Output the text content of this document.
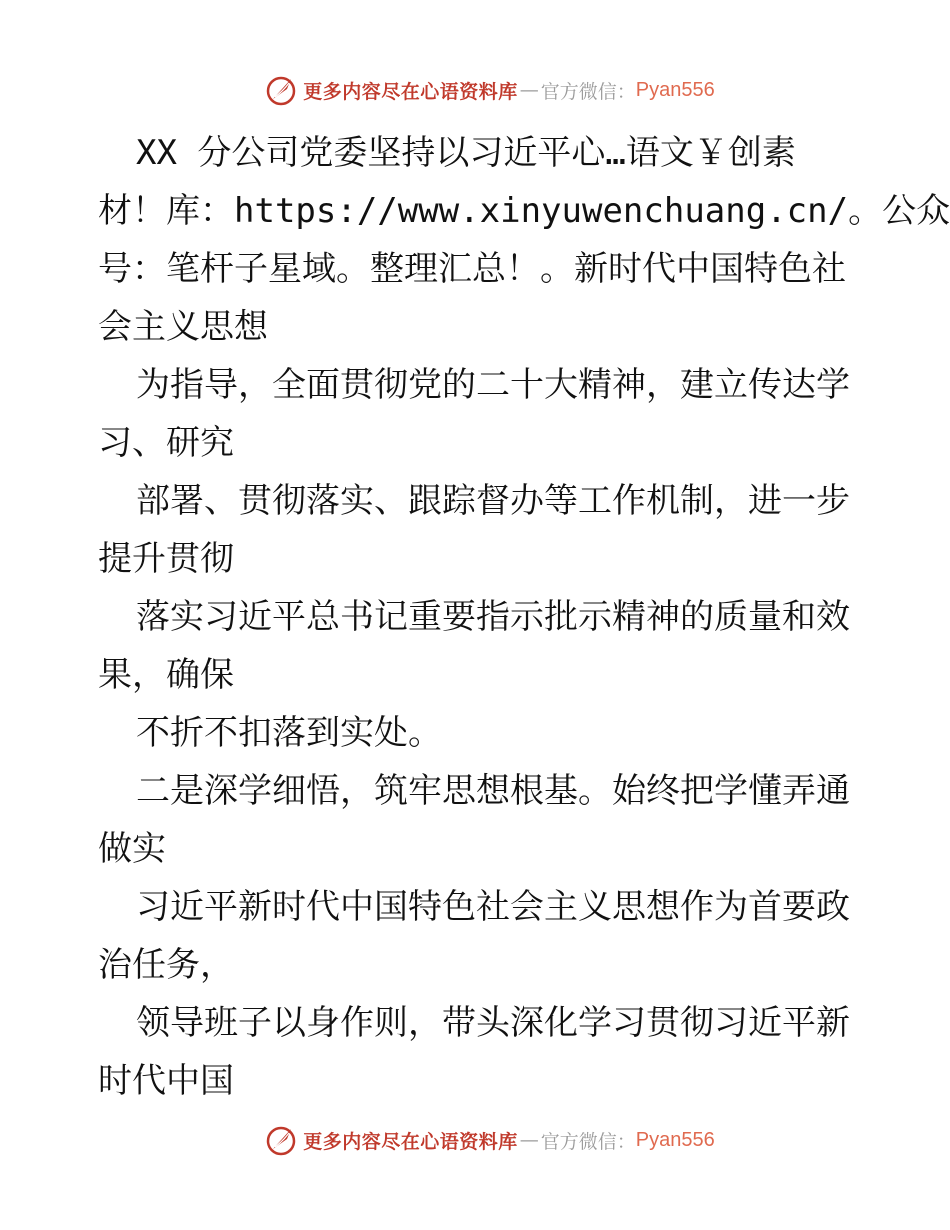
更多内容尽在心语资料库 — 官方微信： Pyan556
XX 分公司党委坚持以习近平心…语文￥创素
材！库：https://www.xinyuwenchuang.cn/。公众
号：笔杆子星域。整理汇总！。新时代中国特色社
会主义思想
为指导，全面贯彻党的二十大精神，建立传达学
习、研究
部署、贯彻落实、跟踪督办等工作机制，进一步
提升贯彻
落实习近平总书记重要指示批示精神的质量和效
果，确保
不折不扣落到实处。
二是深学细悟，筑牢思想根基。始终把学懂弄通
做实
习近平新时代中国特色社会主义思想作为首要政
治任务，
领导班子以身作则，带头深化学习贯彻习近平新
时代中国
更多内容尽在心语资料库 — 官方微信： Pyan556
